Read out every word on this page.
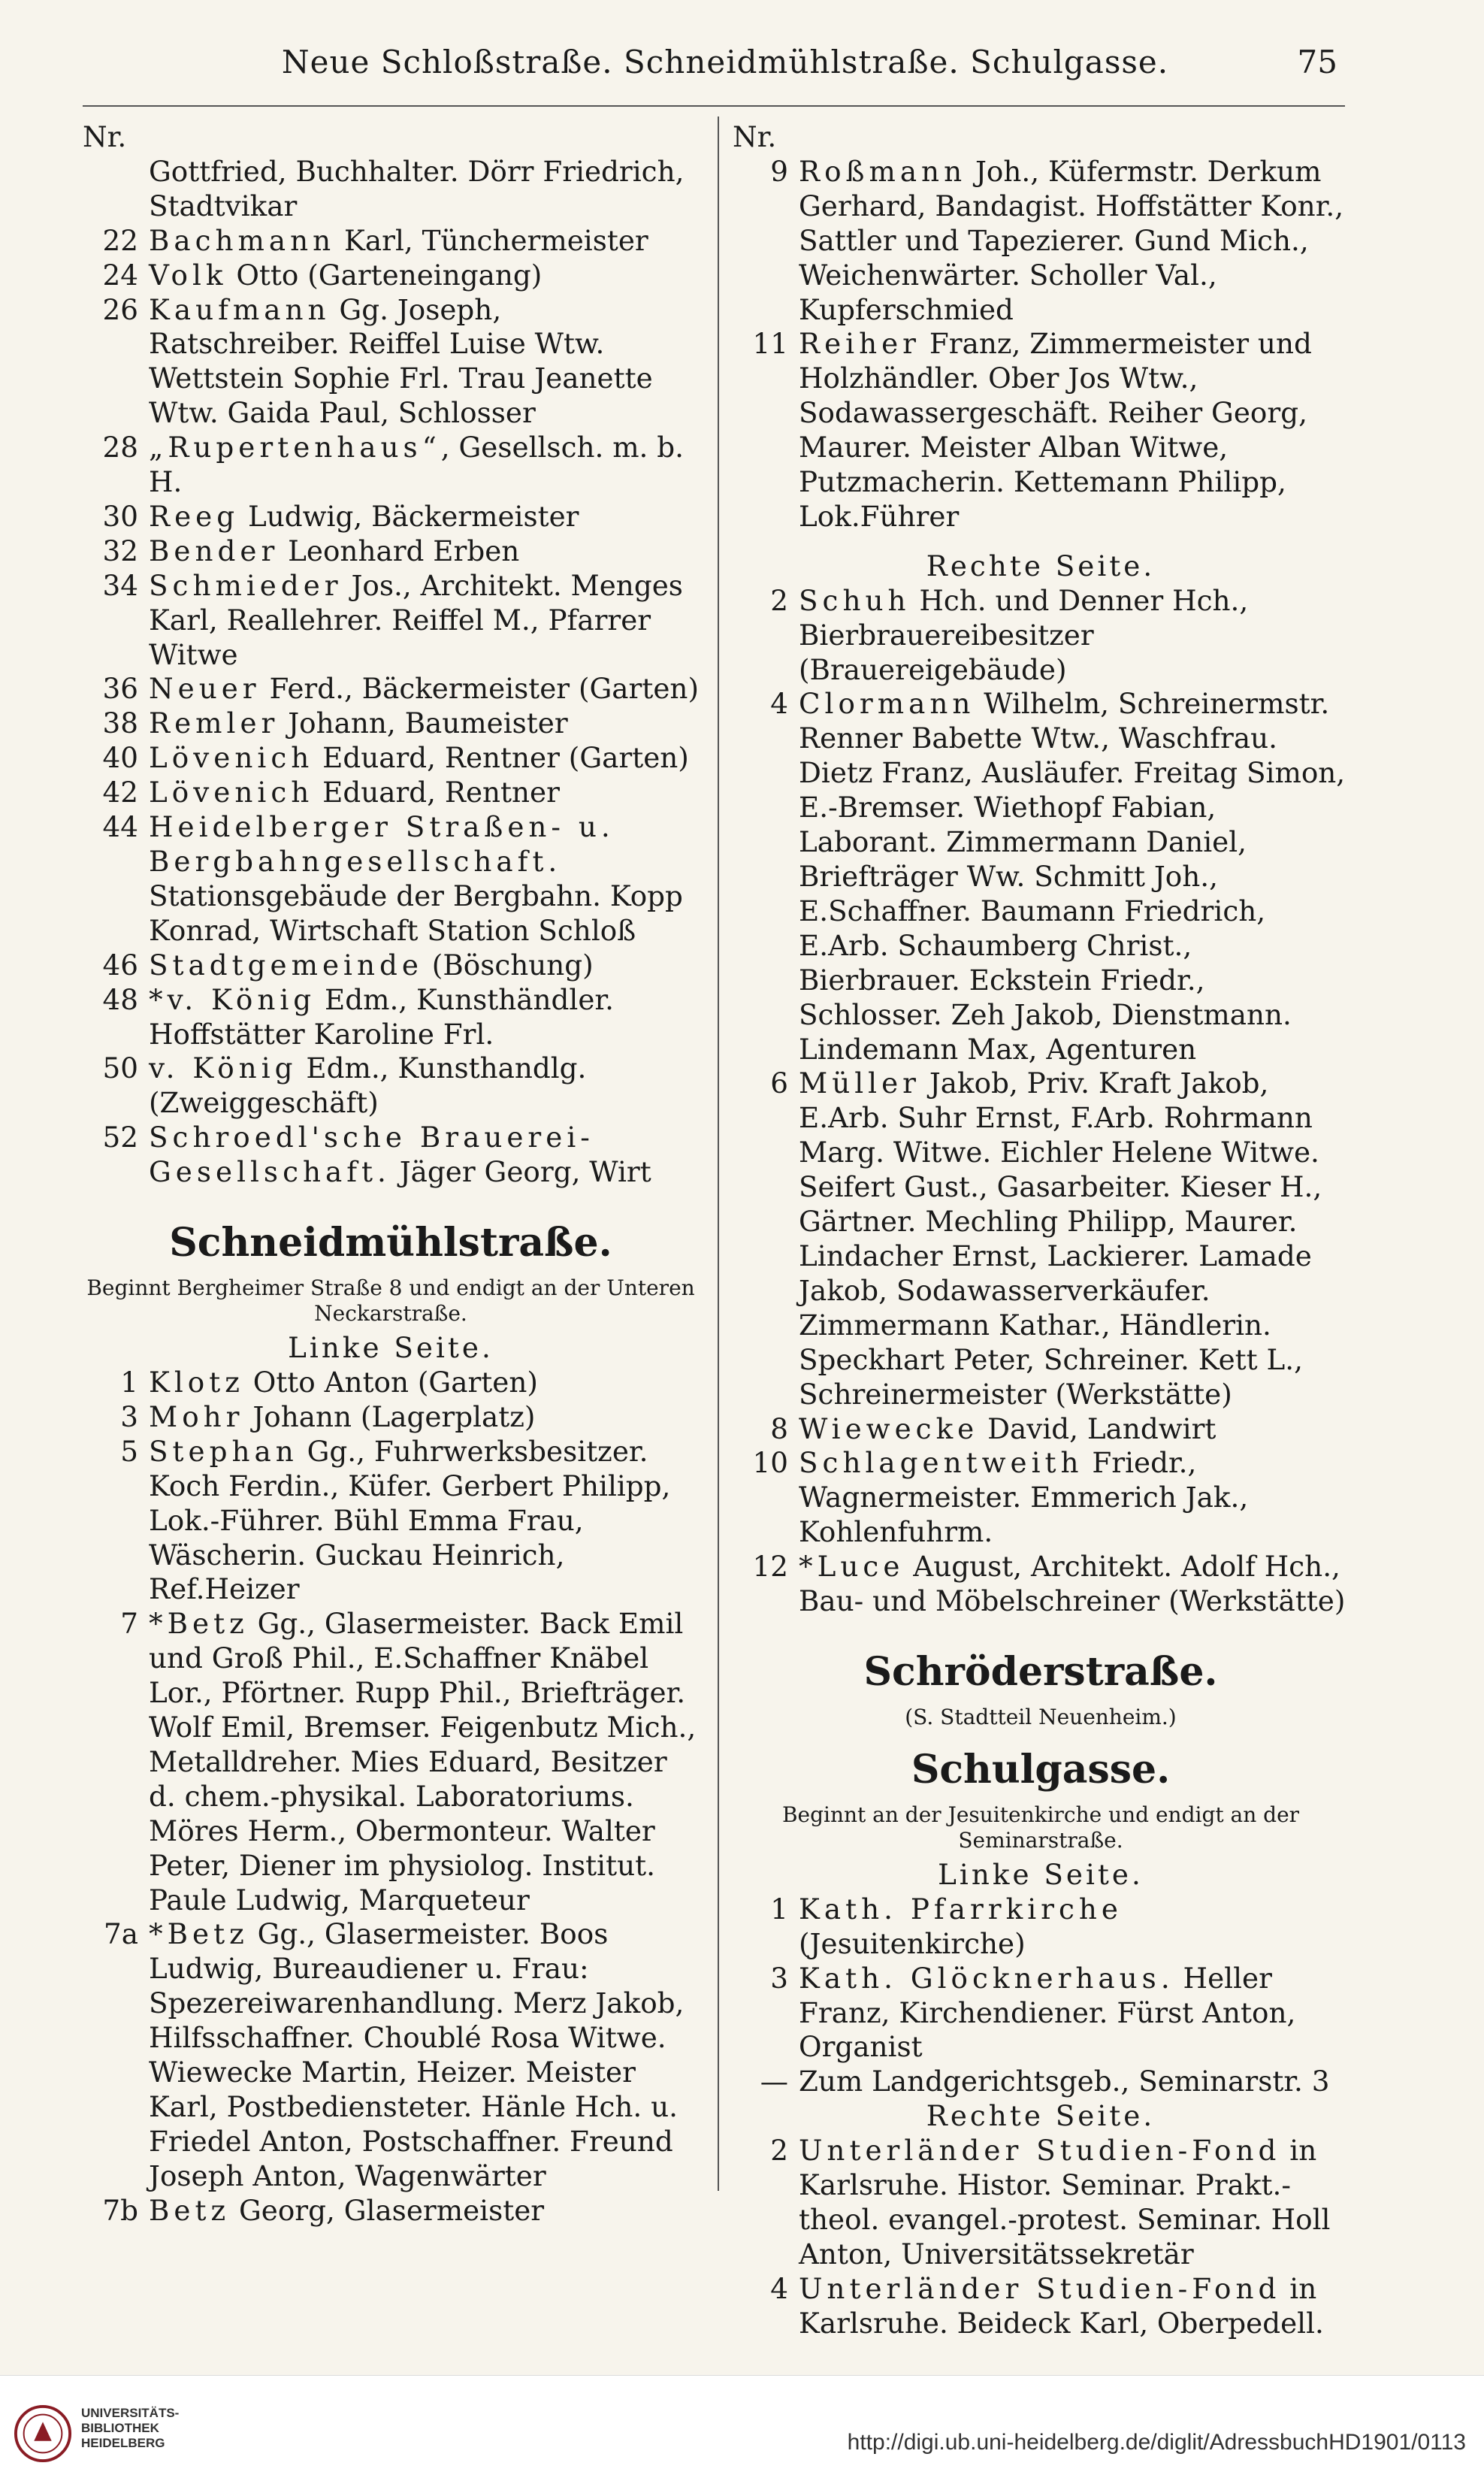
Neue Schloßstraße. Schneidmühlstraße. Schulgasse.	75
Nr.
Gottfried, Buchhalter. Dörr Friedrich, Stadtvikar
22 Bachmann Karl, Tünchermeister
24 Volk Otto (Garteneingang)
26 Kaufmann Gg. Joseph, Ratschreiber. Reiffel Luise Wtw. Wettstein Sophie Frl. Trau Jeanette Wtw. Gaida Paul, Schlosser
28 „Rupertenhaus“, Gesellsch. m. b. H.
30 Reeg Ludwig, Bäckermeister
32 Bender Leonhard Erben
34 Schmieder Jos., Architekt. Menges Karl, Reallehrer. Reiffel M., Pfarrer Witwe
36 Neuer Ferd., Bäckermeister (Garten)
38 Remler Johann, Baumeister
40 Lövenich Eduard, Rentner (Garten)
42 Lövenich Eduard, Rentner
44 Heidelberger Straßen- u. Bergbahngesellschaft. Stationsgebäude der Bergbahn. Kopp Konrad, Wirtschaft Station Schloß
46 Stadtgemeinde (Böschung)
48 *v. König Edm., Kunsthändler. Hoffstätter Karoline Frl.
50 v. König Edm., Kunsthandlg. (Zweiggeschäft)
52 Schroedl'sche Brauerei-Gesellschaft. Jäger Georg, Wirt
Schneidmühlstraße.
Beginnt Bergheimer Straße 8 und endigt an der Unteren Neckarstraße.
Linke Seite.
1 Klotz Otto Anton (Garten)
3 Mohr Johann (Lagerplatz)
5 Stephan Gg., Fuhrwerksbesitzer. Koch Ferdin., Küfer. Gerbert Philipp, Lok.-Führer. Bühl Emma Frau, Wäscherin. Guckau Heinrich, Ref.Heizer
7 *Betz Gg., Glasermeister. Back Emil und Groß Phil., E.Schaffner Knäbel Lor., Pförtner. Rupp Phil., Briefträger. Wolf Emil, Bremser. Feigenbutz Mich., Metalldreher. Mies Eduard, Besitzer d. chem.-physikal. Laboratoriums. Möres Herm., Obermonteur. Walter Peter, Diener im physiolog. Institut. Paule Ludwig, Marqueteur
7a *Betz Gg., Glasermeister. Boos Ludwig, Bureaudiener u. Frau: Spezereiwarenhandlung. Merz Jakob, Hilfsschaffner. Choublé Rosa Witwe. Wiewecke Martin, Heizer. Meister Karl, Postbediensteter. Hänle Hch. u. Friedel Anton, Postschaffner. Freund Joseph Anton, Wagenwärter
7b Betz Georg, Glasermeister
Nr.
9 Roßmann Joh., Küfermstr. Derkum Gerhard, Bandagist. Hoffstätter Konr., Sattler und Tapezierer. Gund Mich., Weichenwärter. Scholler Val., Kupferschmied
11 Reiher Franz, Zimmermeister und Holzhändler. Ober Jos Wtw., Sodawassergeschäft. Reiher Georg, Maurer. Meister Alban Witwe, Putzmacherin. Kettemann Philipp, Lok.Führer
Rechte Seite.
2 Schuh Hch. und Denner Hch., Bierbrauereibesitzer (Brauereigebäude)
4 Clormann Wilhelm, Schreinermstr. Renner Babette Wtw., Waschfrau. Dietz Franz, Ausläufer. Freitag Simon, E.-Bremser. Wiethopf Fabian, Laborant. Zimmermann Daniel, Briefträger Ww. Schmitt Joh., E.Schaffner. Baumann Friedrich, E.Arb. Schaumberg Christ., Bierbrauer. Eckstein Friedr., Schlosser. Zeh Jakob, Dienstmann. Lindemann Max, Agenturen
6 Müller Jakob, Priv. Kraft Jakob, E.Arb. Suhr Ernst, F.Arb. Rohrmann Marg. Witwe. Eichler Helene Witwe. Seifert Gust., Gasarbeiter. Kieser H., Gärtner. Mechling Philipp, Maurer. Lindacher Ernst, Lackierer. Lamade Jakob, Sodawasserverkäufer. Zimmermann Kathar., Händlerin. Speckhart Peter, Schreiner. Kett L., Schreinermeister (Werkstätte)
8 Wiewecke David, Landwirt
10 Schlagentweith Friedr., Wagnermeister. Emmerich Jak., Kohlenfuhrm.
12 *Luce August, Architekt. Adolf Hch., Bau- und Möbelschreiner (Werkstätte)
Schröderstraße.
(S. Stadtteil Neuenheim.)
Schulgasse.
Beginnt an der Jesuitenkirche und endigt an der Seminarstraße.
Linke Seite.
1 Kath. Pfarrkirche (Jesuitenkirche)
3 Kath. Glöcknerhaus. Heller Franz, Kirchendiener. Fürst Anton, Organist
— Zum Landgerichtsgeb., Seminarstr. 3
Rechte Seite.
2 Unterländer Studien-Fond in Karlsruhe. Histor. Seminar. Prakt.-theol. evangel.-protest. Seminar. Holl Anton, Universitätssekretär
4 Unterländer Studien-Fond in Karlsruhe. Beideck Karl, Oberpedell.
UNIVERSITÄTS-
BIBLIOTHEK
HEIDELBERG	http://digi.ub.uni-heidelberg.de/diglit/AdressbuchHD1901/0113
